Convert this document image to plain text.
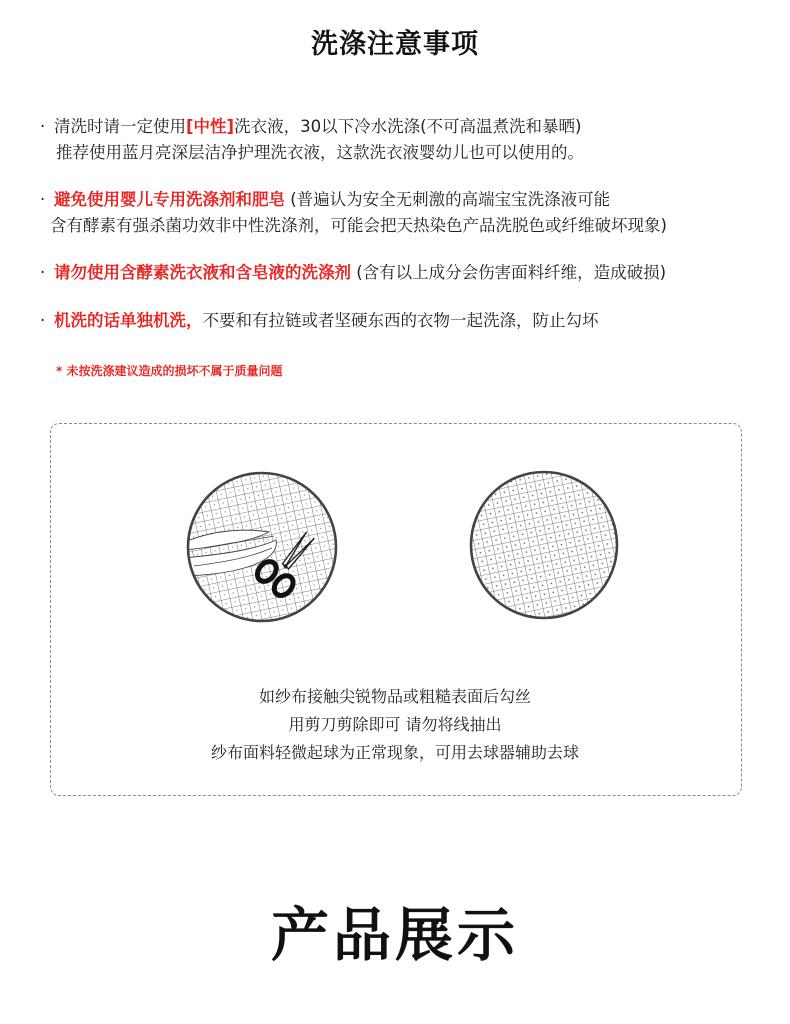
洗涤注意事项
· 清洗时请一定使用[中性]洗衣液，30以下冷水洗涤(不可高温煮洗和暴晒)
推荐使用蓝月亮深层洁净护理洗衣液，这款洗衣液婴幼儿也可以使用的。
· 避免使用婴儿专用洗涤剂和肥皂 (普遍认为安全无刺激的高端宝宝洗涤液可能
含有酵素有强杀菌功效非中性洗涤剂，可能会把天热染色产品洗脱色或纤维破坏现象)
· 请勿使用含酵素洗衣液和含皂液的洗涤剂 (含有以上成分会伤害面料纤维，造成破损)
· 机洗的话单独机洗，不要和有拉链或者坚硬东西的衣物一起洗涤，防止勾坏
* 未按洗涤建议造成的损坏不属于质量问题
如纱布接触尖锐物品或粗糙表面后勾丝
用剪刀剪除即可 请勿将线抽出
纱布面料轻微起球为正常现象，可用去球器辅助去球
产品展示
